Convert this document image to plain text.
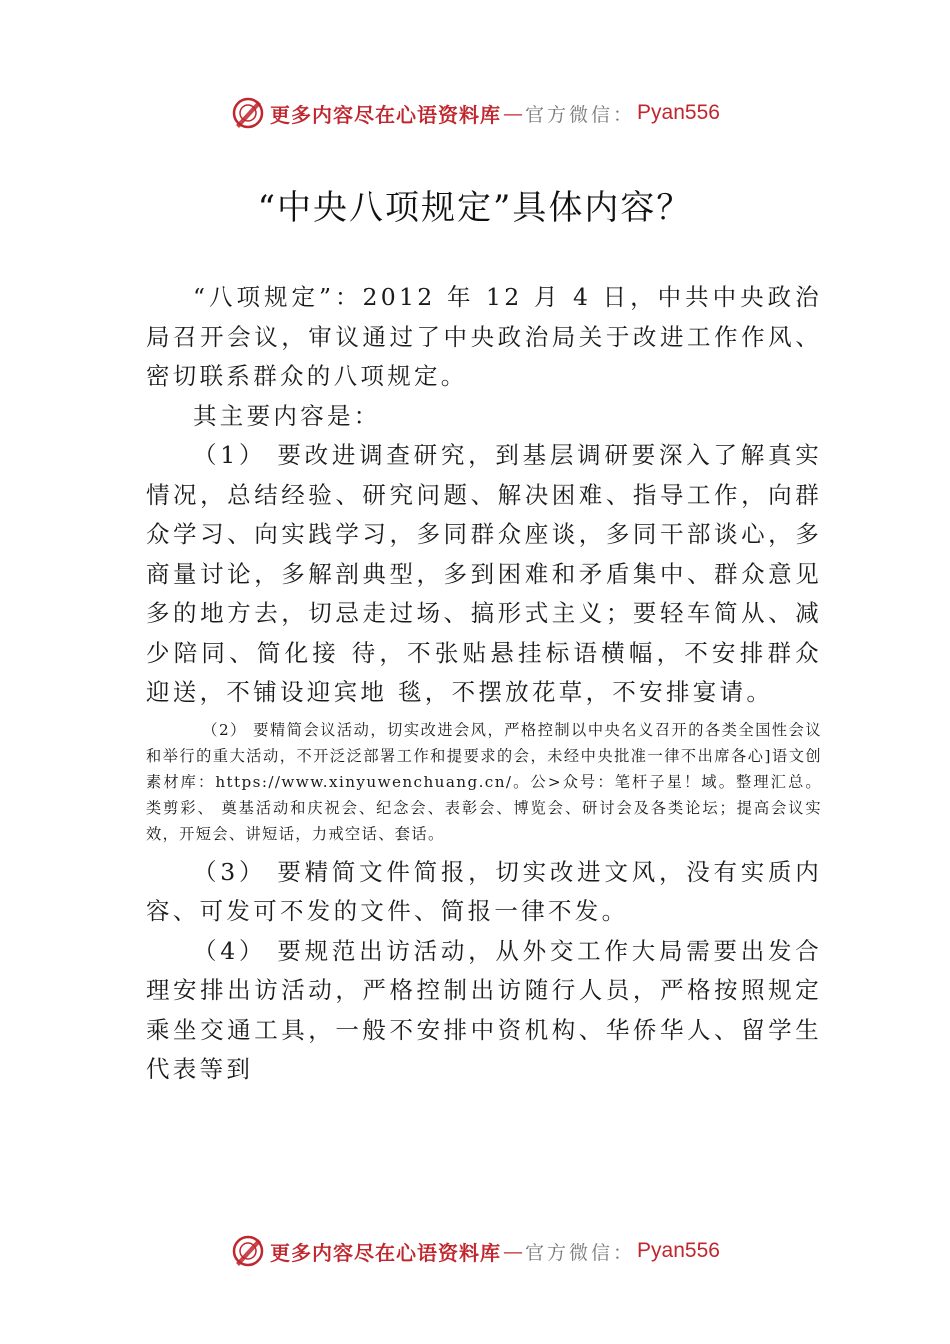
更多内容尽在心语资料库 — 官方微信： Pyan556
“中央八项规定”具体内容？

“八项规定”：2012 年 12 月 4 日，中共中央政治局召开会议，审议通过了中央政治局关于改进工作作风、密切联系群众的八项规定。

其主要内容是：

（1） 要改进调查研究，到基层调研要深入了解真实情况，总结经验、研究问题、解决困难、指导工作，向群众学习、向实践学习，多同群众座谈，多同干部谈心，多商量讨论，多解剖典型，多到困难和矛盾集中、群众意见多的地方去，切忌走过场、搞形式主义；要轻车简从、减少陪同、简化接 待，不张贴悬挂标语横幅，不安排群众迎送，不铺设迎宾地 毯，不摆放花草，不安排宴请。

（2） 要精简会议活动，切实改进会风，严格控制以中央名义召开的各类全国性会议和举行的重大活动，不开泛泛部署工作和提要求的会，未经中央批准一律不出席各心]语文创素材库：https://www.xinyuwenchuang.cn/。公>众号：笔杆子星！域。整理汇总。类剪彩、 奠基活动和庆祝会、纪念会、表彰会、博览会、研讨会及各类论坛；提高会议实效，开短会、讲短话，力戒空话、套话。

（3） 要精简文件简报，切实改进文风，没有实质内容、可发可不发的文件、简报一律不发。

（4） 要规范出访活动，从外交工作大局需要出发合理安排出访活动，严格控制出访随行人员，严格按照规定乘坐交通工具，一般不安排中资机构、华侨华人、留学生代表等到

更多内容尽在心语资料库 — 官方微信： Pyan556
